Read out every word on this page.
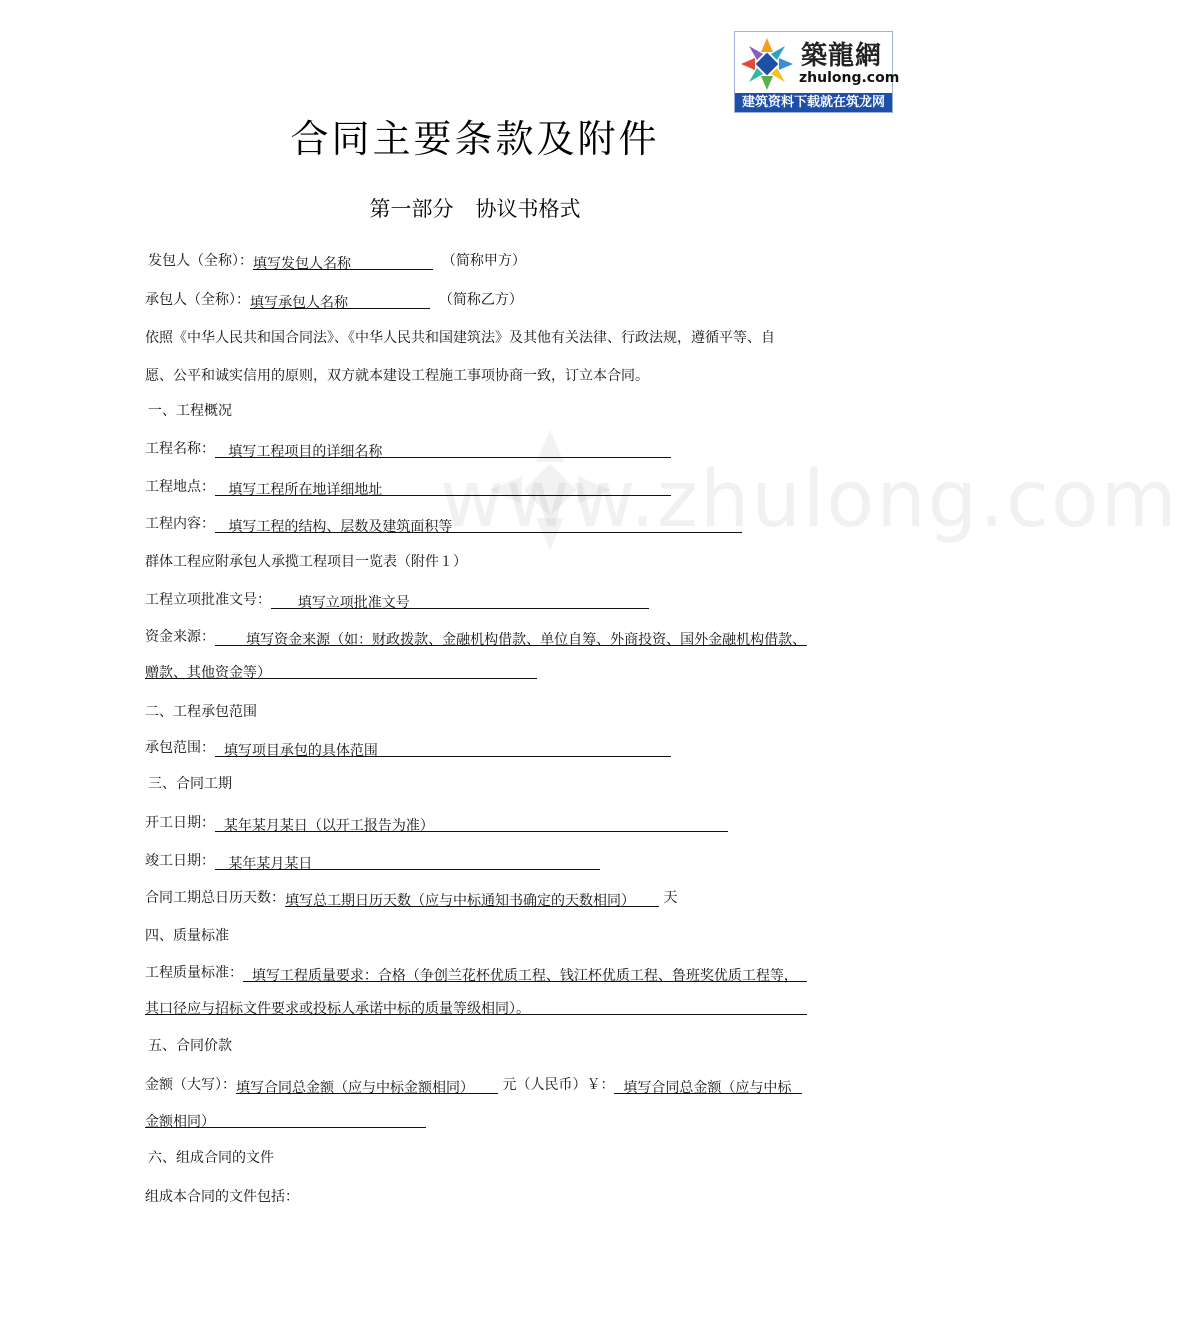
築龍網
zhulong.com
建筑资料下载就在筑龙网
www.zhulong.com
合同主要条款及附件
第一部分 协议书格式
发包人（全称）：填写发包人名称	（简称甲方）
承包人（全称）：填写承包人名称	（简称乙方）
依照《中华人民共和国合同法》、《中华人民共和国建筑法》及其他有关法律、行政法规，遵循平等、自
愿、公平和诚实信用的原则，双方就本建设工程施工事项协商一致，订立本合同。
一、工程概况
工程名称： 填写工程项目的详细名称
工程地点： 填写工程所在地详细地址
工程内容： 填写工程的结构、层数及建筑面积等
群体工程应附承包人承揽工程项目一览表（附件１）
工程立项批准文号： 填写立项批准文号
资金来源： 填写资金来源（如：财政拨款、金融机构借款、单位自筹、外商投资、国外金融机构借款、
赠款、其他资金等）
二、工程承包范围
承包范围： 填写项目承包的具体范围
三、合同工期
开工日期： 某年某月某日（以开工报告为准）
竣工日期： 某年某月某日
合同工期总日历天数：填写总工期日历天数（应与中标通知书确定的天数相同） 天
四、质量标准
工程质量标准： 填写工程质量要求：合格（争创兰花杯优质工程、钱江杯优质工程、鲁班奖优质工程等，
其口径应与招标文件要求或投标人承诺中标的质量等级相同）。
五、合同价款
金额（大写）：填写合同总金额（应与中标金额相同） 元（人民币）￥： 填写合同总金额（应与中标
金额相同）
六、组成合同的文件
组成本合同的文件包括：
